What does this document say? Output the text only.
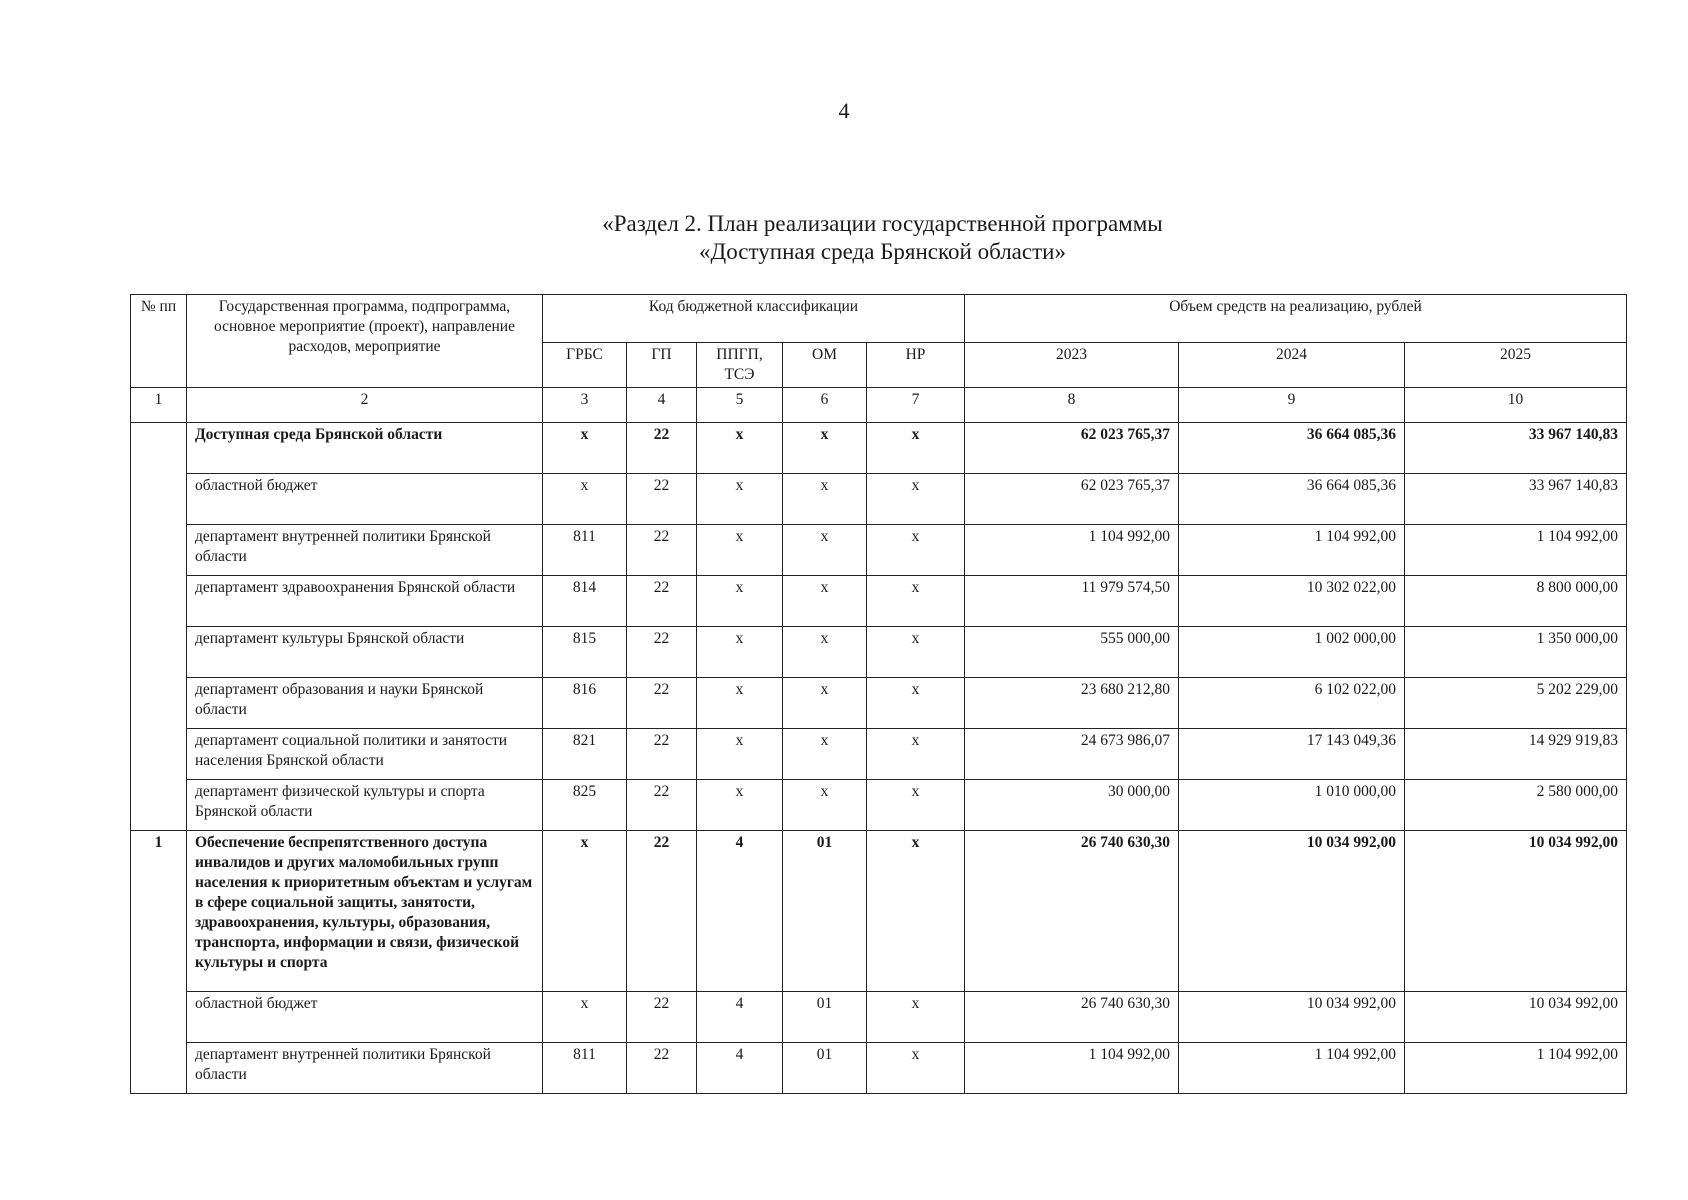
4
«Раздел 2. План реализации государственной программы
«Доступная среда Брянской области»
№ пп	Государственная программа, подпрограмма, основное мероприятие (проект), направление расходов, мероприятие	Код бюджетной классификации					Объем средств на реализацию, рублей		
		ГРБС	ГП	ППГП, ТСЭ	ОМ	НР	2023	2024	2025
1	2	3	4	5	6	7	8	9	10
	Доступная среда Брянской области	х	22	х	х	х	62 023 765,37	36 664 085,36	33 967 140,83
	областной бюджет	х	22	х	х	х	62 023 765,37	36 664 085,36	33 967 140,83
	департамент внутренней политики Брянской области	811	22	х	х	х	1 104 992,00	1 104 992,00	1 104 992,00
	департамент здравоохранения Брянской области	814	22	х	х	х	11 979 574,50	10 302 022,00	8 800 000,00
	департамент культуры Брянской области	815	22	х	х	х	555 000,00	1 002 000,00	1 350 000,00
	департамент образования и науки Брянской области	816	22	х	х	х	23 680 212,80	6 102 022,00	5 202 229,00
	департамент социальной политики и занятости населения Брянской области	821	22	х	х	х	24 673 986,07	17 143 049,36	14 929 919,83
	департамент физической культуры и спорта Брянской области	825	22	х	х	х	30 000,00	1 010 000,00	2 580 000,00
1	Обеспечение беспрепятственного доступа инвалидов и других маломобильных групп населения к приоритетным объектам и услугам в сфере социальной защиты, занятости, здравоохранения, культуры, образования, транспорта, информации и связи, физической культуры и спорта	х	22	4	01	х	26 740 630,30	10 034 992,00	10 034 992,00
	областной бюджет	х	22	4	01	х	26 740 630,30	10 034 992,00	10 034 992,00
	департамент внутренней политики Брянской области	811	22	4	01	х	1 104 992,00	1 104 992,00	1 104 992,00
